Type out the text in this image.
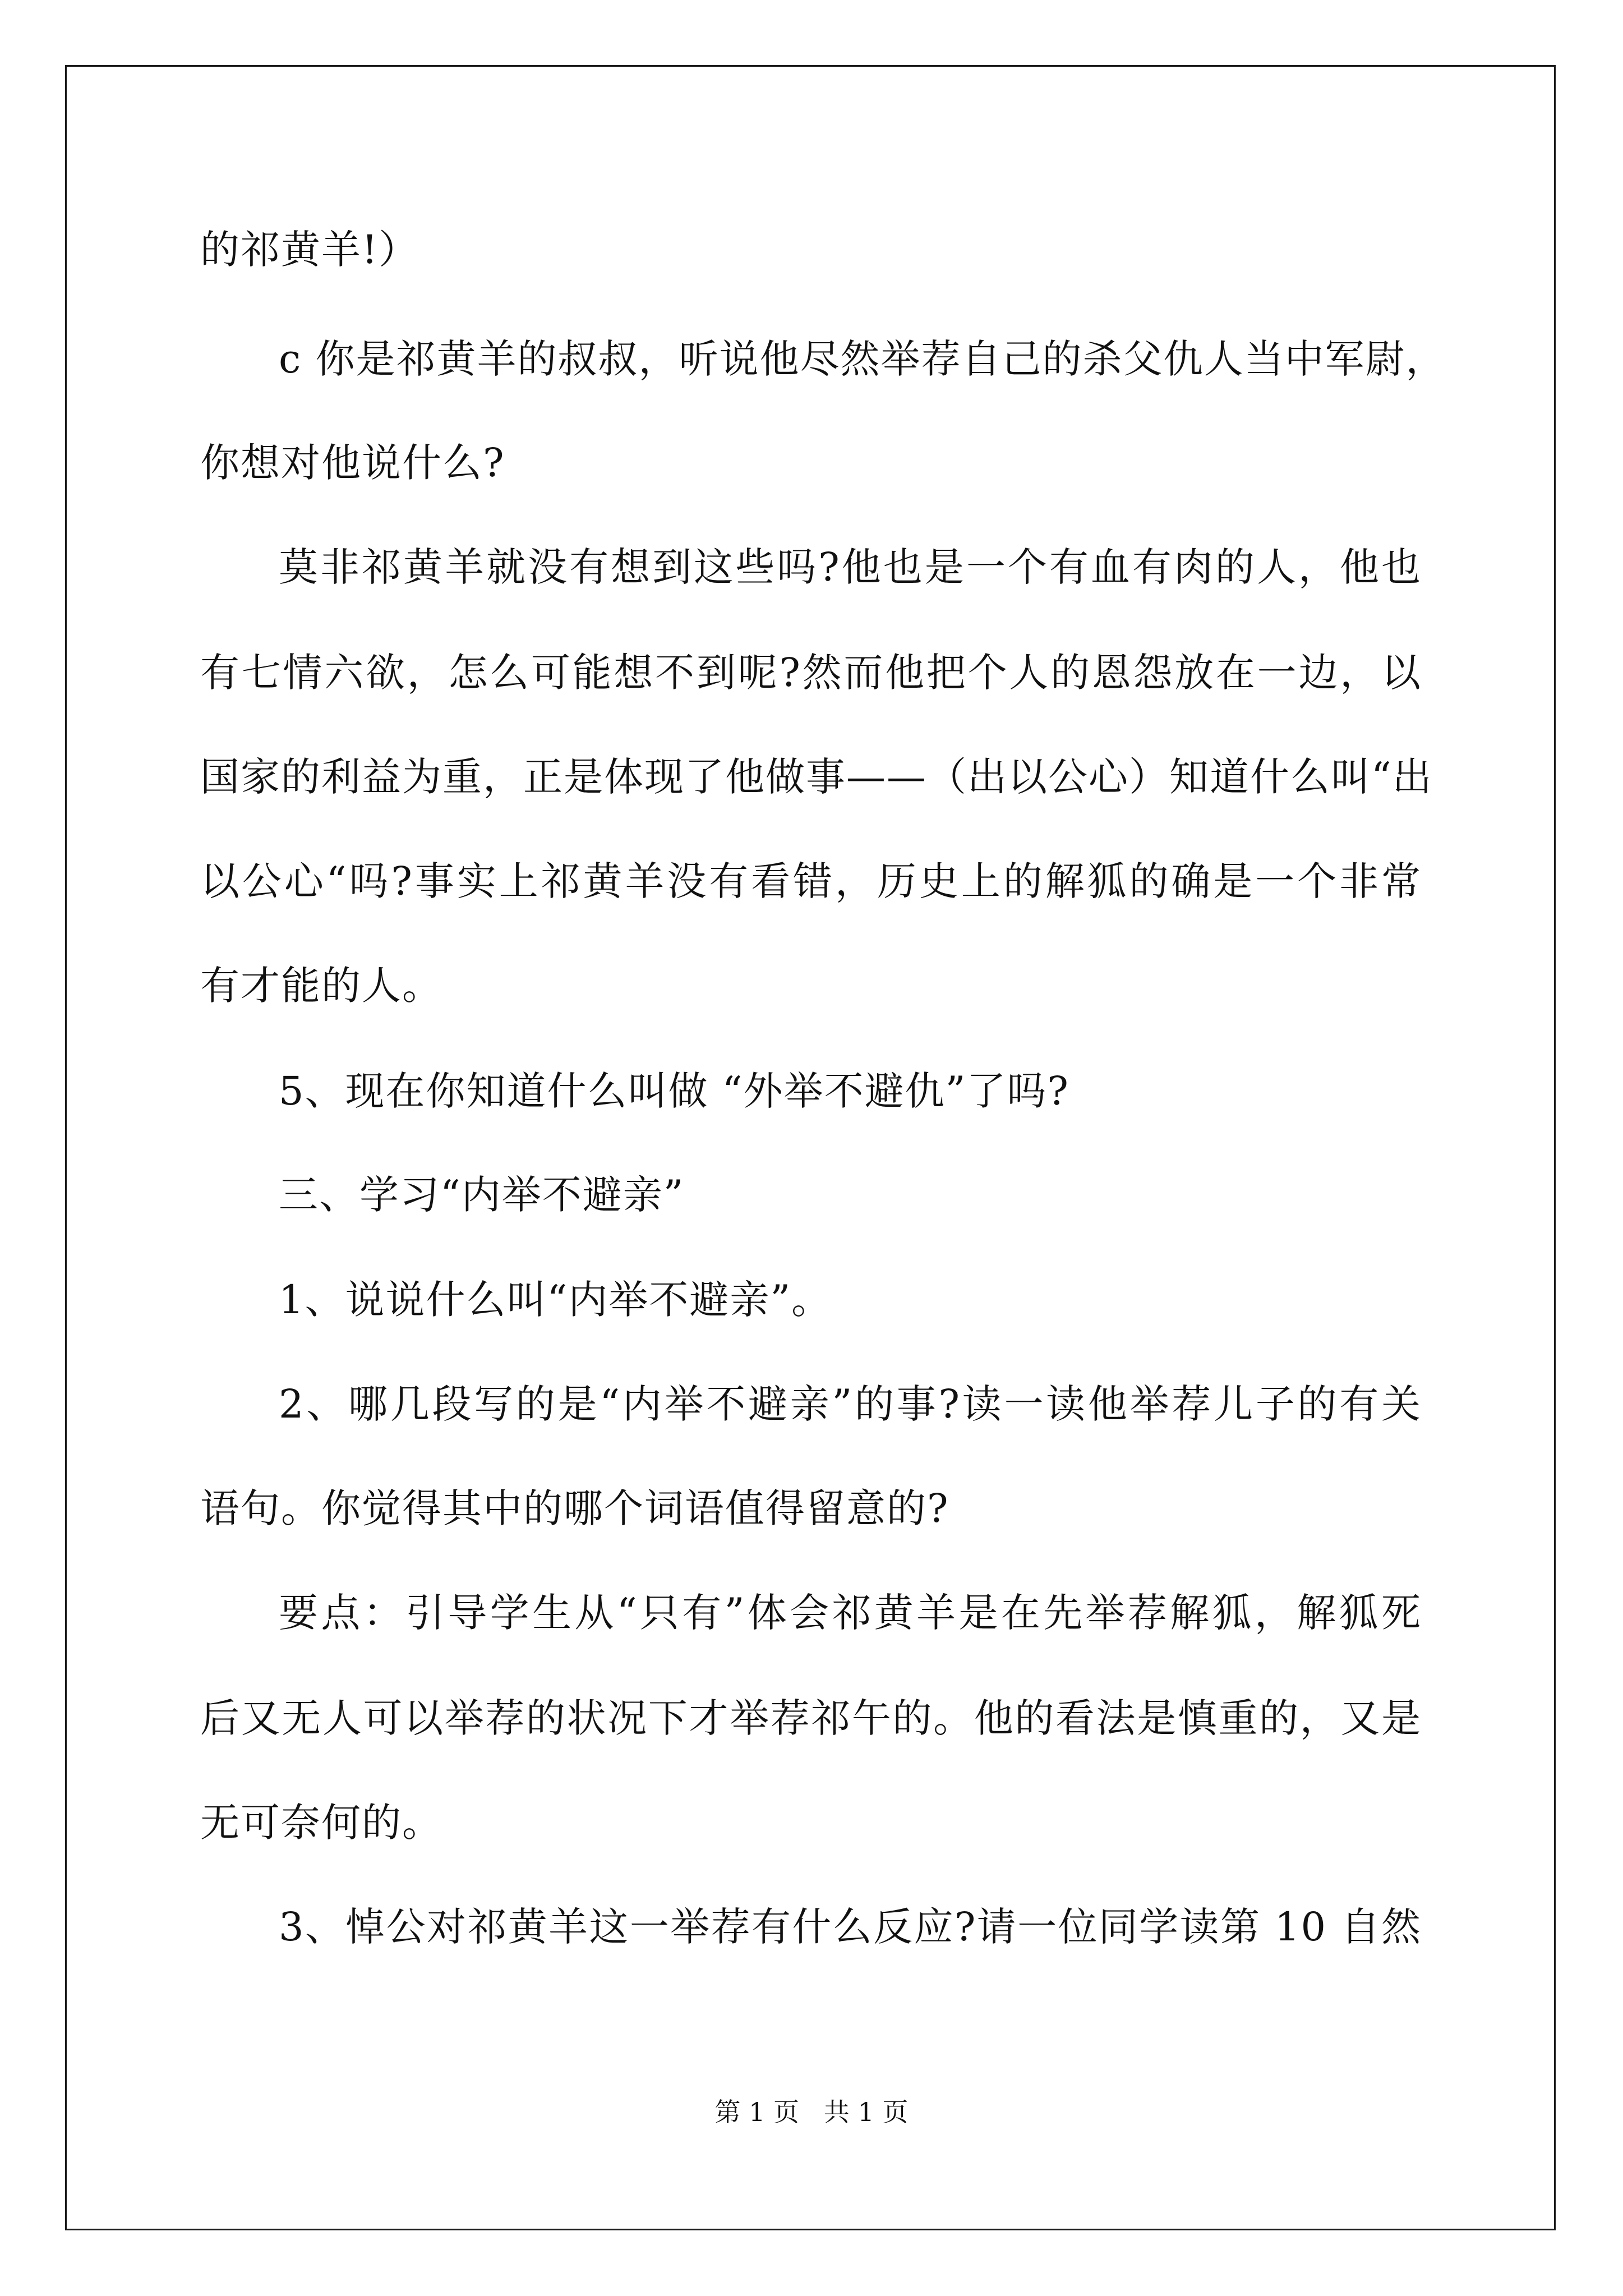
的祁黄羊!）
c 你是祁黄羊的叔叔，听说他尽然举荐自己的杀父仇人当中军尉，
你想对他说什么?
莫非祁黄羊就没有想到这些吗?他也是一个有血有肉的人，他也
有七情六欲，怎么可能想不到呢?然而他把个人的恩怨放在一边，以
国家的利益为重，正是体现了他做事——（出以公心）知道什么叫“出
以公心“吗?事实上祁黄羊没有看错，历史上的解狐的确是一个非常
有才能的人。
5、现在你知道什么叫做 “外举不避仇”了吗?
三、学习“内举不避亲”
1、说说什么叫“内举不避亲”。
2、哪几段写的是“内举不避亲”的事?读一读他举荐儿子的有关
语句。你觉得其中的哪个词语值得留意的?
要点：引导学生从“只有”体会祁黄羊是在先举荐解狐，解狐死
后又无人可以举荐的状况下才举荐祁午的。他的看法是慎重的，又是
无可奈何的。
3、悼公对祁黄羊这一举荐有什么反应?请一位同学读第 10 自然
第 1 页   共 1 页
